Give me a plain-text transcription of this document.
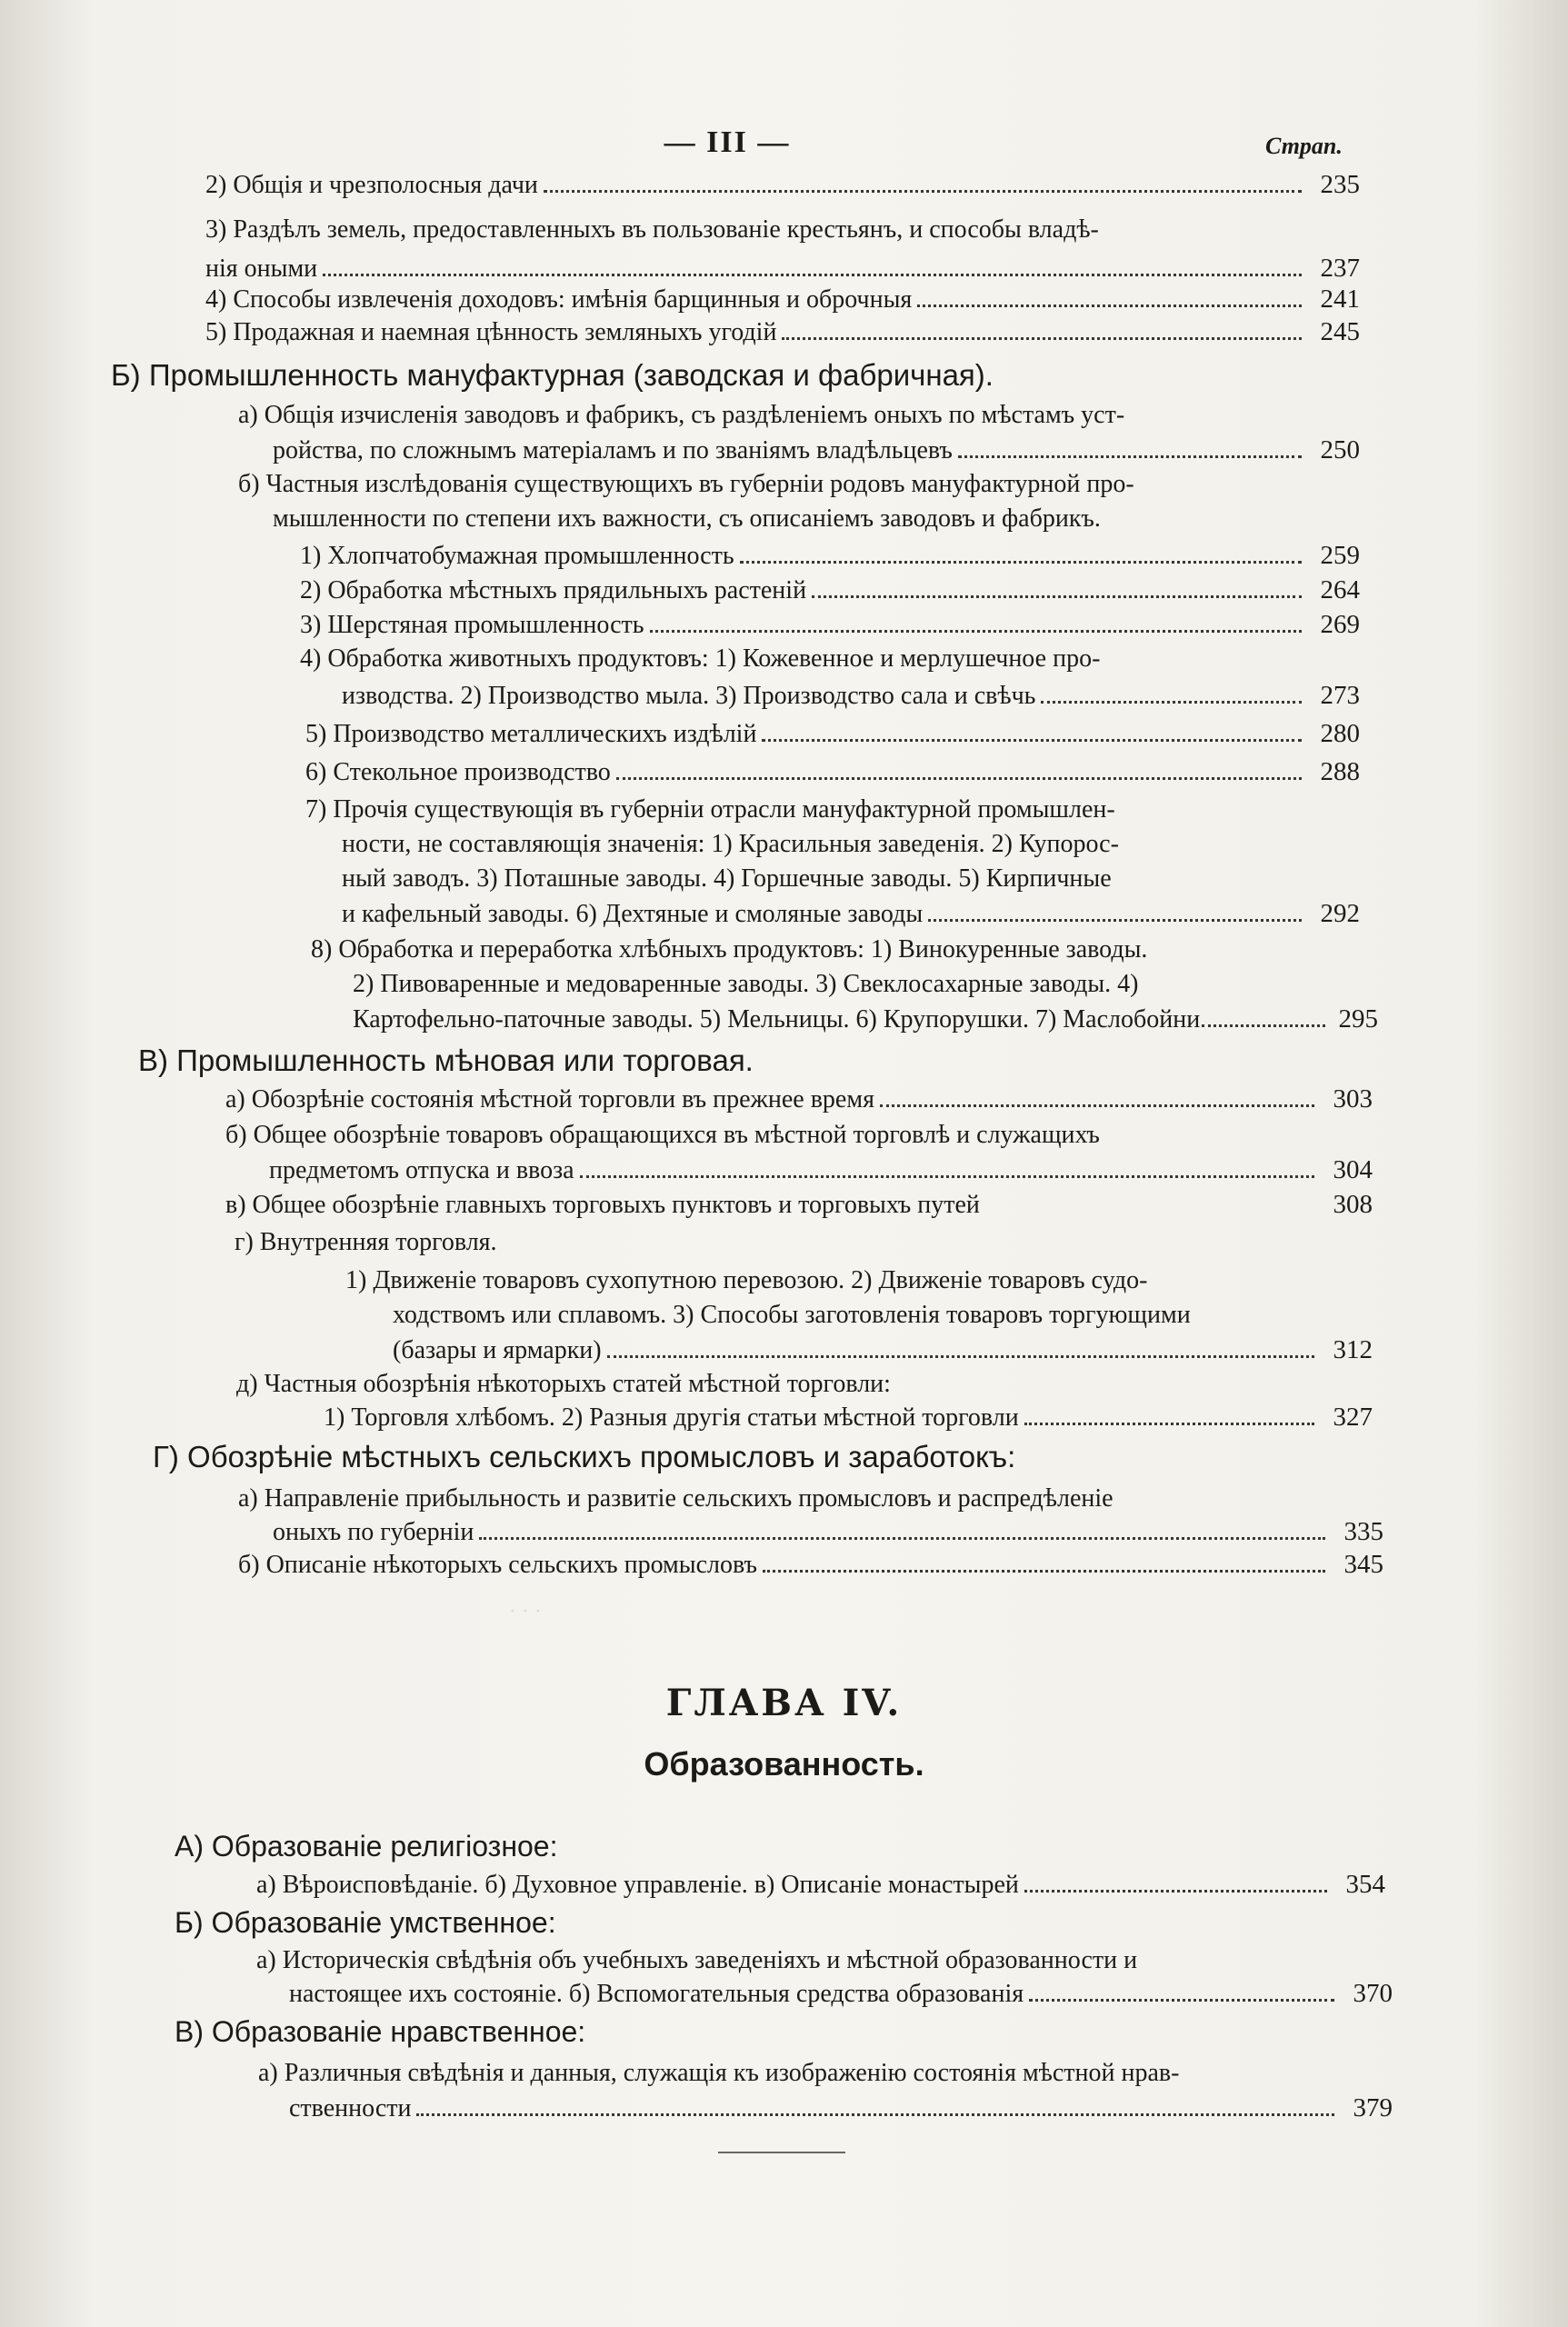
— III —	Страп.
2) Общія и чрезполосныя дачи	235
3) Раздѣлъ земель, предоставленныхъ въ пользованіе крестьянъ, и способы владѣ-
нія оными	237
4) Способы извлеченія доходовъ: имѣнія барщинныя и оброчныя	241
5) Продажная и наемная цѣнность земляныхъ угодій	245
Б) Промышленность мануфактурная (заводская и фабричная).
а) Общія изчисленія заводовъ и фабрикъ, съ раздѣленіемъ оныхъ по мѣстамъ уст-
ройства, по сложнымъ матеріаламъ и по званіямъ владѣльцевъ	250
б) Частныя изслѣдованія существующихъ въ губерніи родовъ мануфактурной про-
мышленности по степени ихъ важности, съ описаніемъ заводовъ и фабрикъ.
1) Хлопчатобумажная промышленность	259
2) Обработка мѣстныхъ прядильныхъ растеній	264
3) Шерстяная промышленность	269
4) Обработка животныхъ продуктовъ: 1) Кожевенное и мерлушечное про-
изводства. 2) Производство мыла. 3) Производство сала и свѣчь	273
5) Производство металлическихъ издѣлій	280
6) Стекольное производство	288
7) Прочія существующія въ губерніи отрасли мануфактурной промышлен-
ности, не составляющія значенія: 1) Красильныя заведенія. 2) Купорос-
ный заводъ. 3) Поташные заводы. 4) Горшечные заводы. 5) Кирпичные
и кафельный заводы. 6) Дехтяные и смоляные заводы	292
8) Обработка и переработка хлѣбныхъ продуктовъ: 1) Винокуренные заводы.
2) Пивоваренные и медоваренные заводы. 3) Свеклосахарные заводы. 4)
Картофельно-паточные заводы. 5) Мельницы. 6) Крупорушки. 7) Маслобойни	295
В) Промышленность мѣновая или торговая.
а) Обозрѣніе состоянія мѣстной торговли въ прежнее время	303
б) Общее обозрѣніе товаровъ обращающихся въ мѣстной торговлѣ и служащихъ
предметомъ отпуска и ввоза	304
в) Общее обозрѣніе главныхъ торговыхъ пунктовъ и торговыхъ путей	308
г) Внутренняя торговля.
1) Движеніе товаровъ сухопутною перевозою. 2) Движеніе товаровъ судо-
ходствомъ или сплавомъ. 3) Способы заготовленія товаровъ торгующими
(базары и ярмарки)	312
д) Частныя обозрѣнія нѣкоторыхъ статей мѣстной торговли:
1) Торговля хлѣбомъ. 2) Разныя другія статьи мѣстной торговли	327
Г) Обозрѣніе мѣстныхъ сельскихъ промысловъ и заработокъ:
а) Направленіе прибыльность и развитіе сельскихъ промысловъ и распредѣленіе
оныхъ по губерніи	335
б) Описаніе нѣкоторыхъ сельскихъ промысловъ	345
· · ·
ГЛАВА IV.
Образованность.
А) Образованіе религіозное:
а) Вѣроисповѣданіе. б) Духовное управленіе. в) Описаніе монастырей	354
Б) Образованіе умственное:
а) Историческія свѣдѣнія объ учебныхъ заведеніяхъ и мѣстной образованности и
настоящее ихъ состояніе. б) Вспомогательныя средства образованія	370
В) Образованіе нравственное:
а) Различныя свѣдѣнія и данныя, служащія къ изображенію состоянія мѣстной нрав-
ственности	379
